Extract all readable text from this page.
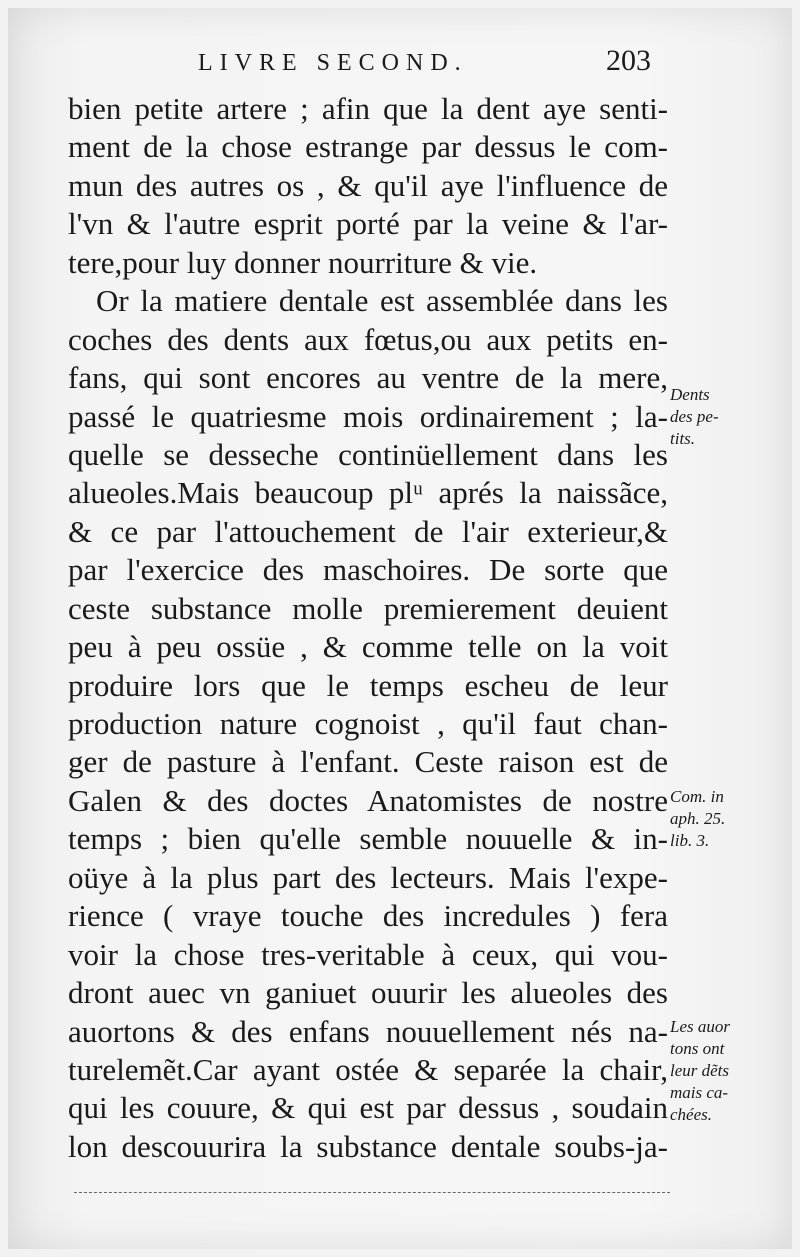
LIVRE SECOND.	203
bien petite artere ; afin que la dent aye senti-
ment de la chose estrange par dessus le com-
mun des autres os , & qu'il aye l'influence de
l'vn & l'autre esprit porté par la veine & l'ar-
tere,pour luy donner nourriture & vie.
Or la matiere dentale est assemblée dans les
coches des dents aux fœtus,ou aux petits en-
fans, qui sont encores au ventre de la mere,
passé le quatriesme mois ordinairement ; la-
quelle se desseche continüellement dans les
alueoles.Mais beaucoup plᵘ aprés la naissãce,
& ce par l'attouchement de l'air exterieur,&
par l'exercice des maschoires. De sorte que
ceste substance molle premierement deuient
peu à peu ossüe , & comme telle on la voit
produire lors que le temps escheu de leur
production nature cognoist , qu'il faut chan-
ger de pasture à l'enfant. Ceste raison est de
Galen & des doctes Anatomistes de nostre
temps ; bien qu'elle semble nouuelle & in-
oüye à la plus part des lecteurs. Mais l'expe-
rience ( vraye touche des incredules ) fera
voir la chose tres-veritable à ceux, qui vou-
dront auec vn ganiuet ouurir les alueoles des
auortons & des enfans nouuellement nés na-
turelemẽt.Car ayant ostée & separée la chair,
qui les couure, & qui est par dessus , soudain
lon descouurira la substance dentale soubs-ja-
Dents
des pe-
tits.
Com. in
aph. 25.
lib. 3.
Les auor
tons ont
leur dẽts
mais ca-
chées.
